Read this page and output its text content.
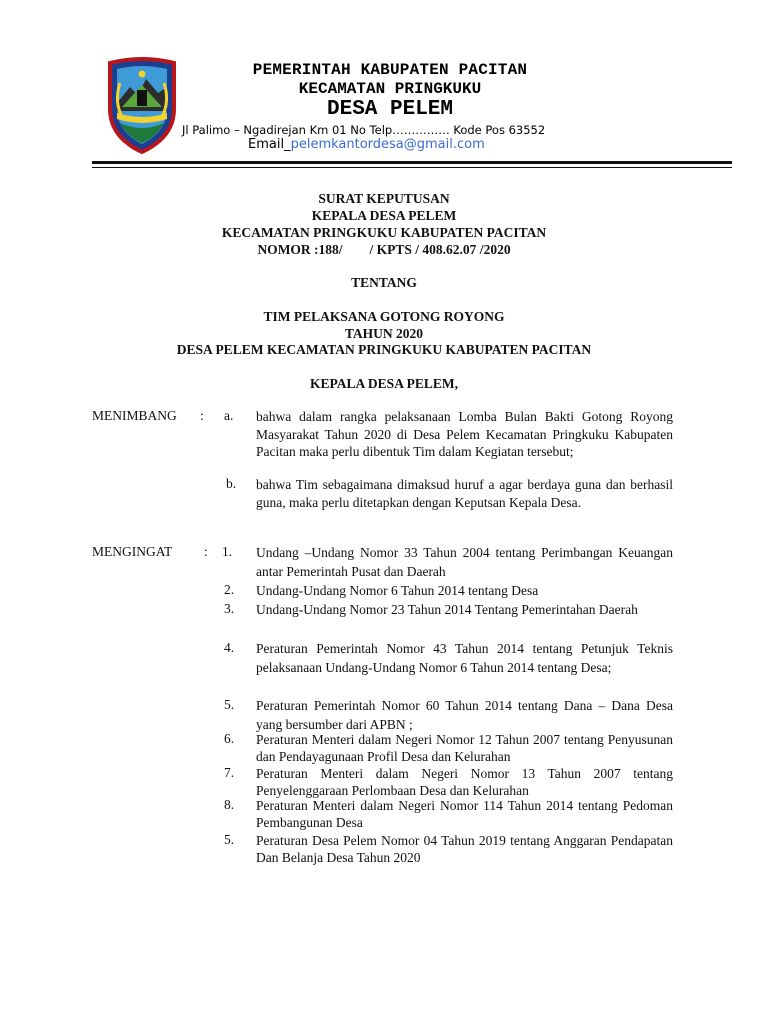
PEMERINTAH KABUPATEN PACITAN
KECAMATAN PRINGKUKU
DESA PELEM
Jl Palimo – Ngadirejan Km 01 No Telp…………… Kode Pos 63552
Email_pelemkantordesa@gmail.com
SURAT KEPUTUSAN
KEPALA DESA PELEM
KECAMATAN PRINGKUKU KABUPATEN PACITAN
NOMOR :188/        / KPTS / 408.62.07 /2020
TENTANG
TIM PELAKSANA GOTONG ROYONG
TAHUN 2020
DESA PELEM KECAMATAN PRINGKUKU KABUPATEN PACITAN
KEPALA DESA PELEM,
MENIMBANG : a. bahwa dalam rangka pelaksanaan Lomba Bulan Bakti Gotong Royong Masyarakat Tahun 2020 di Desa Pelem Kecamatan Pringkuku Kabupaten Pacitan maka perlu dibentuk Tim dalam Kegiatan tersebut;
b. bahwa Tim sebagaimana dimaksud huruf a agar berdaya guna dan berhasil guna, maka perlu ditetapkan dengan Keputsan Kepala Desa.
MENGINGAT : 1. Undang –Undang Nomor 33 Tahun 2004 tentang Perimbangan Keuangan antar Pemerintah Pusat dan Daerah
2. Undang-Undang Nomor 6 Tahun 2014 tentang Desa
3. Undang-Undang Nomor 23 Tahun 2014 Tentang Pemerintahan Daerah
4. Peraturan Pemerintah Nomor 43 Tahun 2014 tentang Petunjuk Teknis pelaksanaan Undang-Undang Nomor 6 Tahun 2014 tentang Desa;
5. Peraturan Pemerintah Nomor 60 Tahun 2014 tentang Dana – Dana Desa yang bersumber dari APBN ;
6. Peraturan Menteri dalam Negeri Nomor 12 Tahun 2007 tentang Penyusunan dan Pendayagunaan Profil Desa dan Kelurahan
7. Peraturan Menteri dalam Negeri Nomor 13 Tahun 2007 tentang Penyelenggaraan Perlombaan Desa dan Kelurahan
8. Peraturan Menteri dalam Negeri Nomor 114 Tahun 2014 tentang Pedoman Pembangunan Desa
5. Peraturan Desa Pelem Nomor 04 Tahun 2019 tentang Anggaran Pendapatan Dan Belanja Desa Tahun 2020
